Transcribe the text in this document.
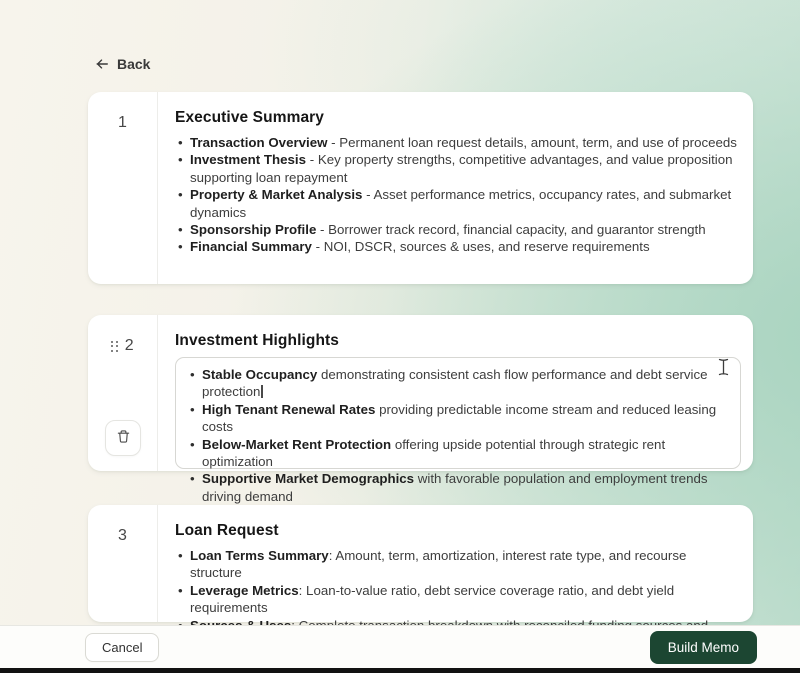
Back
1	Executive Summary
• Transaction Overview - Permanent loan request details, amount, term, and use of proceeds
• Investment Thesis - Key property strengths, competitive advantages, and value proposition supporting loan repayment
• Property & Market Analysis - Asset performance metrics, occupancy rates, and submarket dynamics
• Sponsorship Profile - Borrower track record, financial capacity, and guarantor strength
• Financial Summary - NOI, DSCR, sources & uses, and reserve requirements
2	Investment Highlights
• Stable Occupancy demonstrating consistent cash flow performance and debt service protection
• High Tenant Renewal Rates providing predictable income stream and reduced leasing costs
• Below-Market Rent Protection offering upside potential through strategic rent optimization
• Supportive Market Demographics with favorable population and employment trends driving demand
3	Loan Request
• Loan Terms Summary: Amount, term, amortization, interest rate type, and recourse structure
• Leverage Metrics: Loan-to-value ratio, debt service coverage ratio, and debt yield requirements
•
Cancel	Build Memo
